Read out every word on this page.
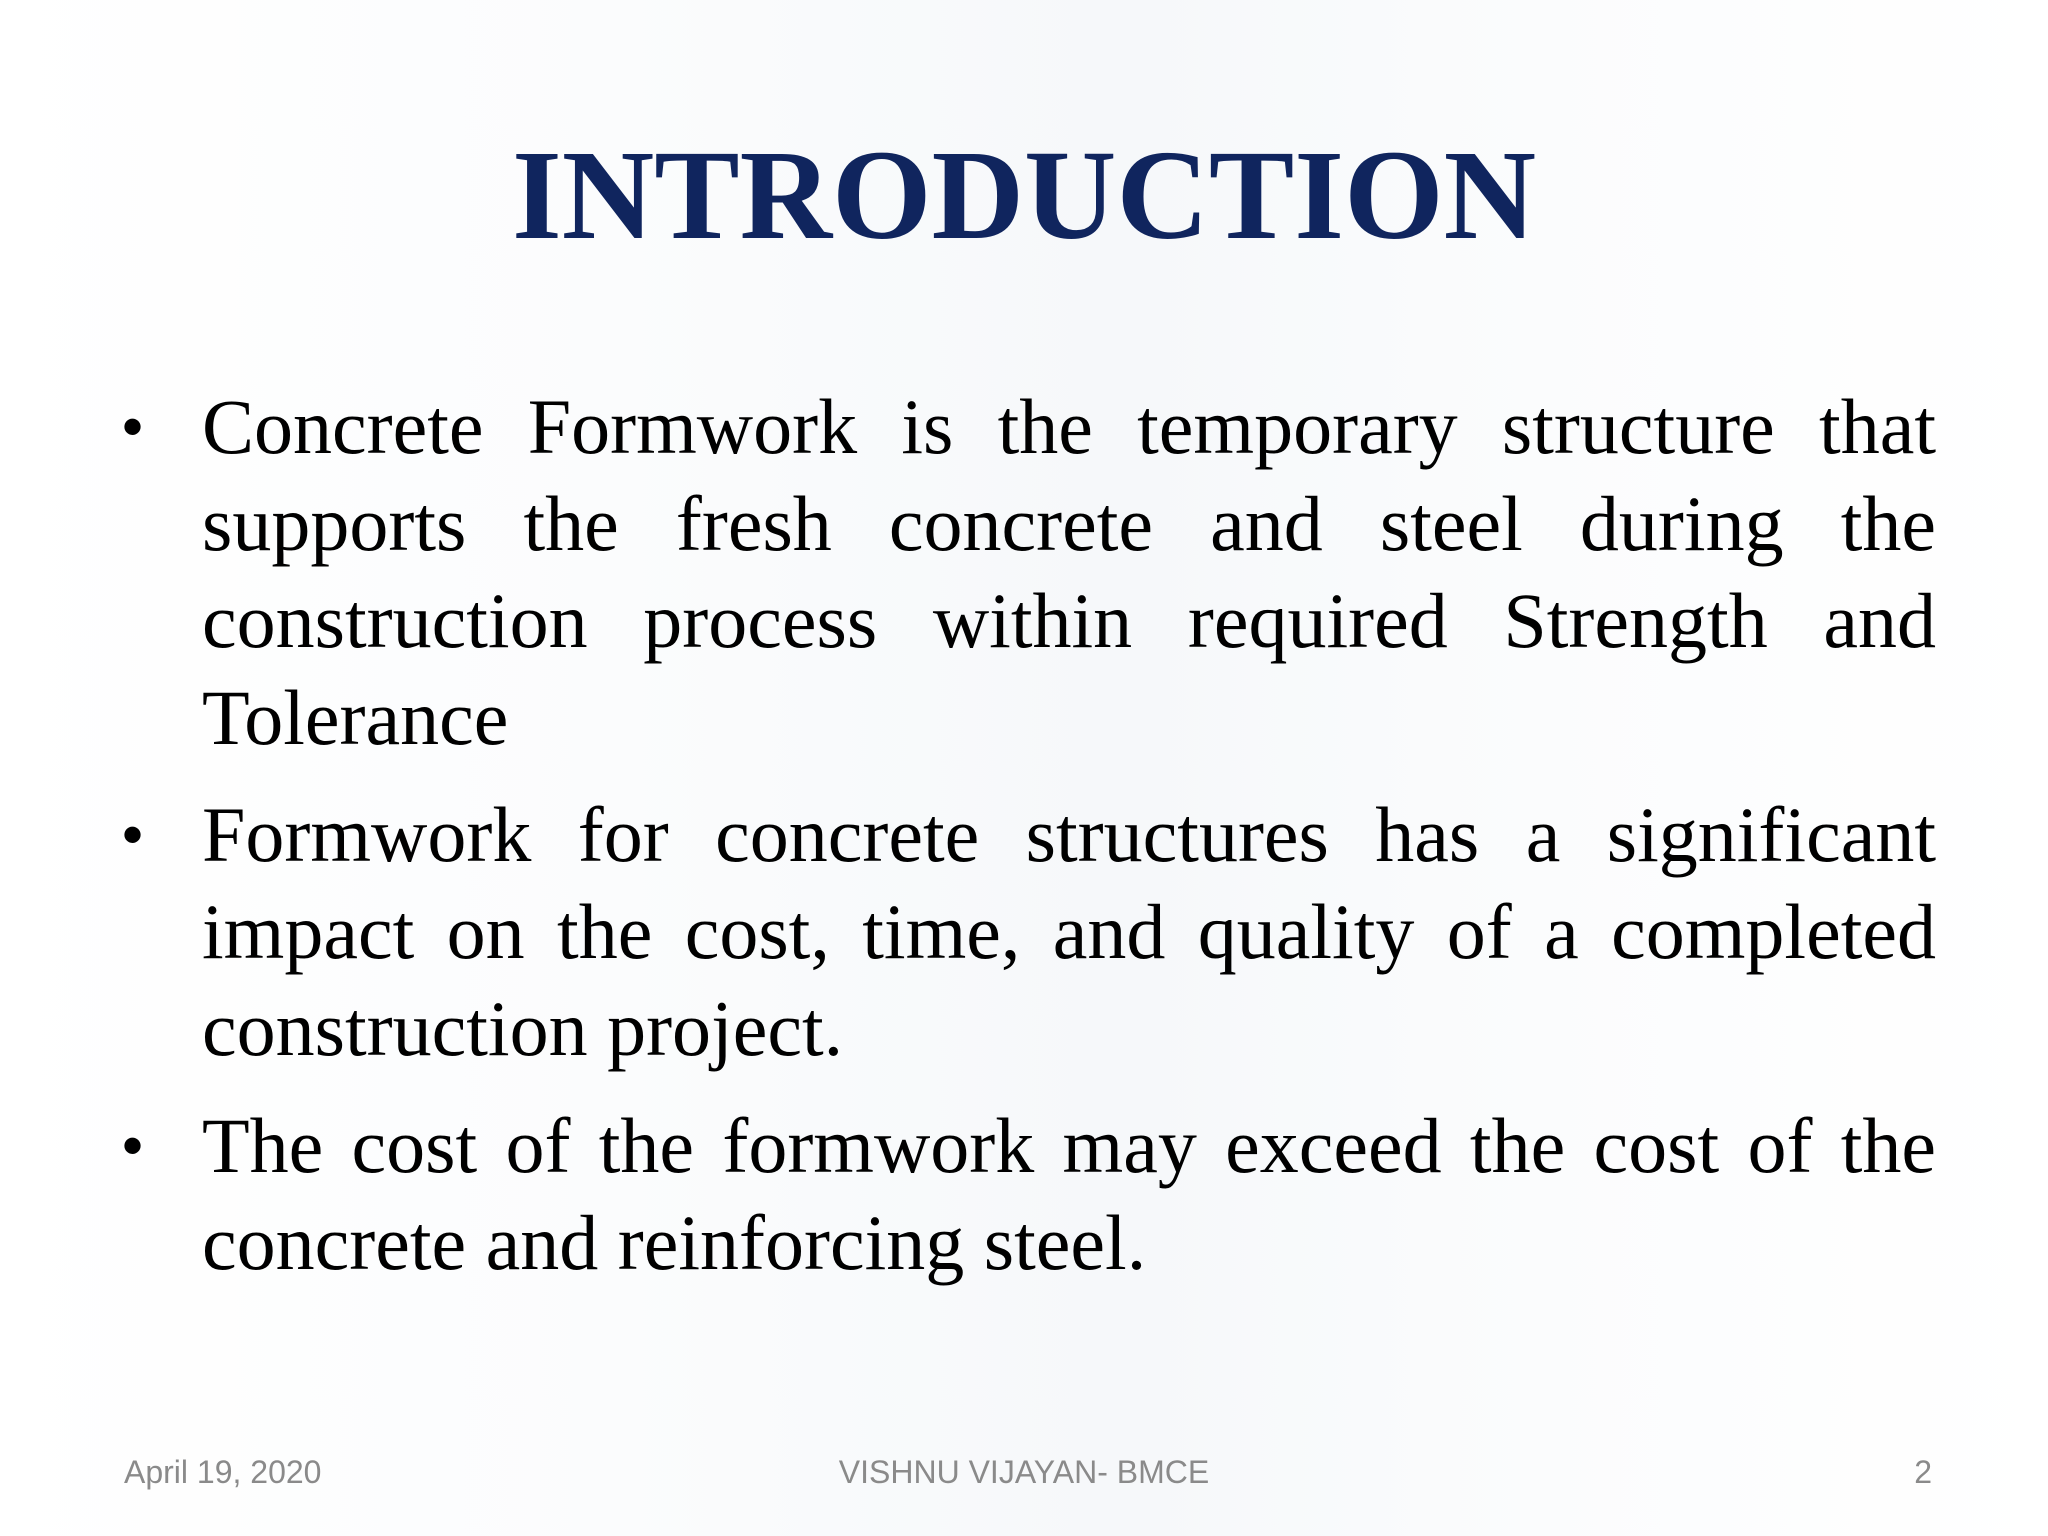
INTRODUCTION
• Concrete Formwork is the temporary structure that supports the fresh concrete and steel during the construction process within required Strength and Tolerance
• Formwork for concrete structures has a significant impact on the cost, time, and quality of a completed construction project.
• The cost of the formwork may exceed the cost of the concrete and reinforcing steel.
April 19, 2020	VISHNU VIJAYAN- BMCE	2
